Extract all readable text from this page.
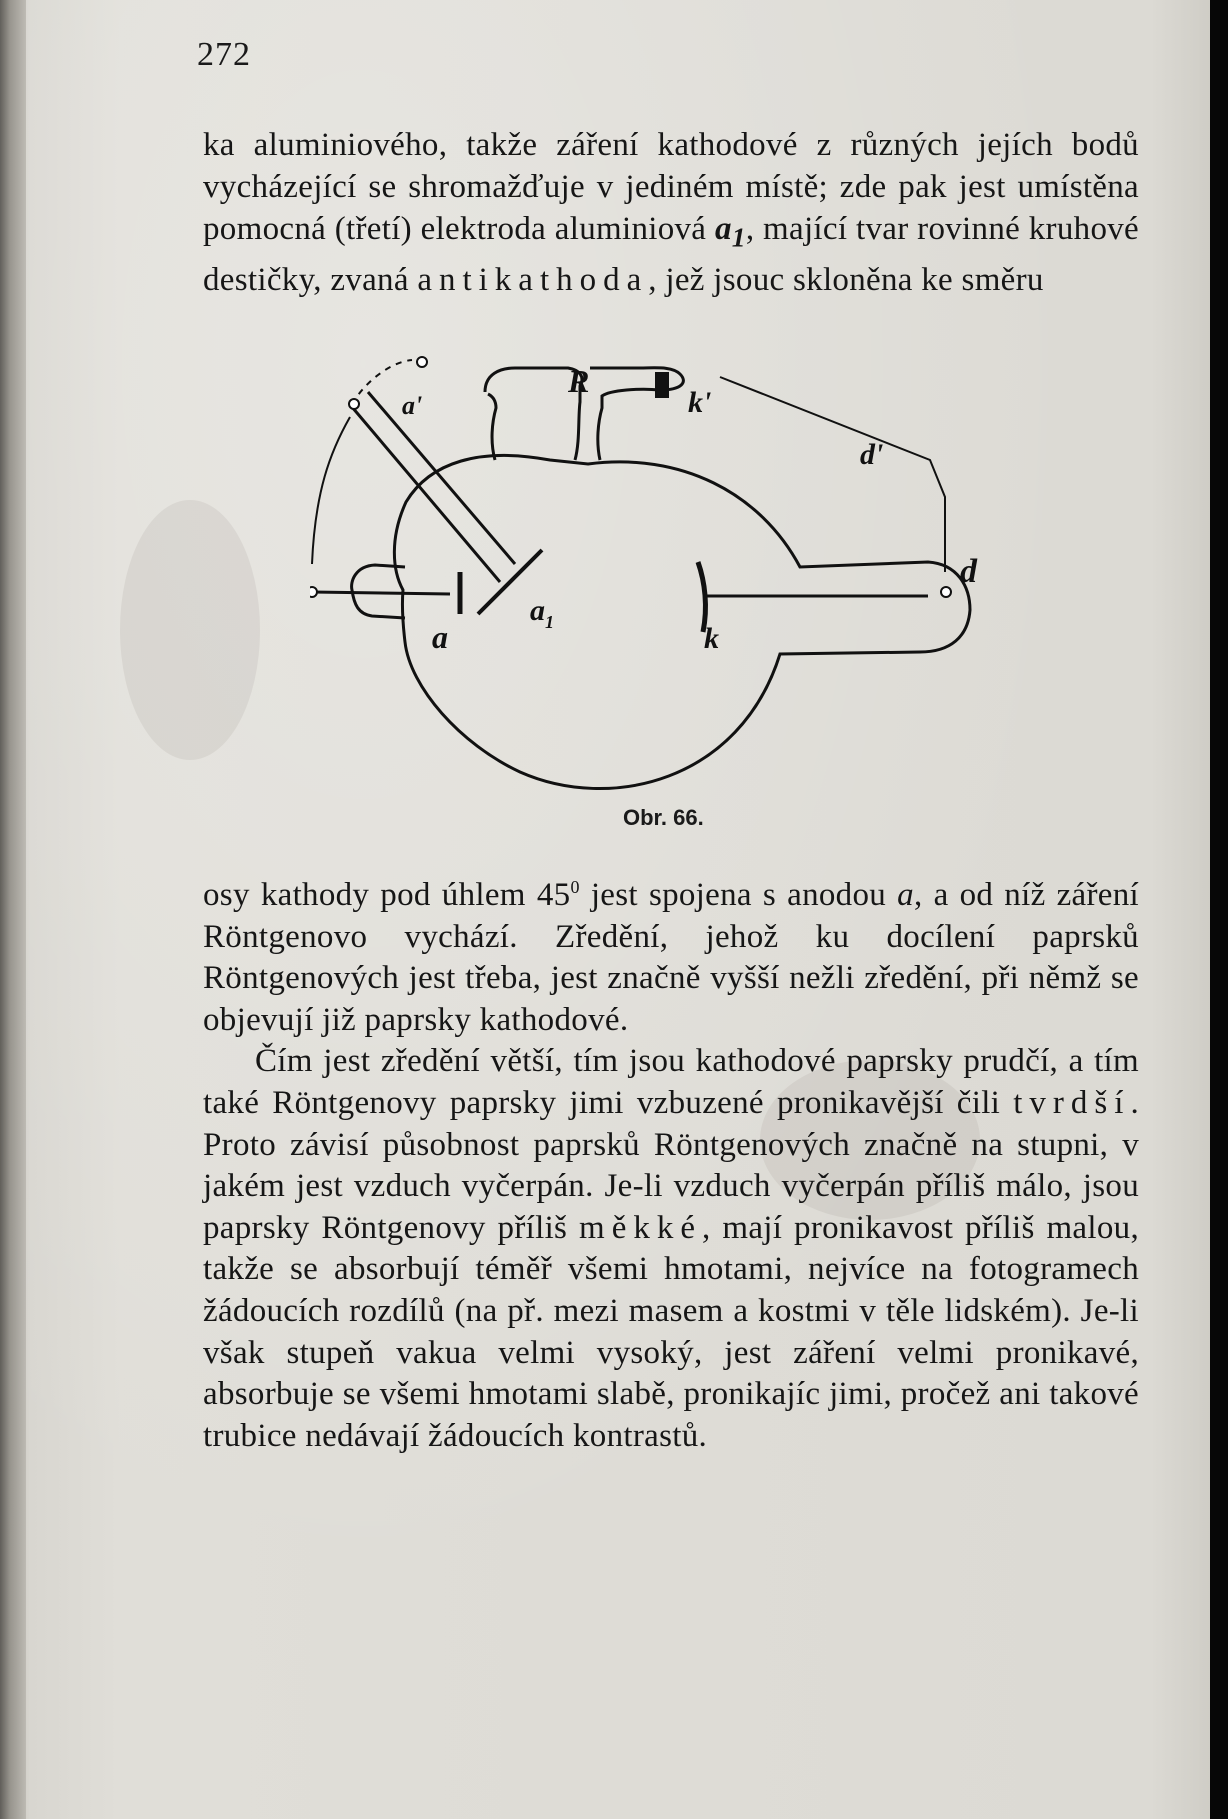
272

ka aluminiového, takže záření kathodové z různých jejích bodů vycházející se shromažďuje v jediném místě; zde pak jest umístěna pomocná (třetí) elektroda aluminiová $a_1$, mající tvar rovinné kruhové destičky, zvaná antikathoda, jež jsouc skloněna ke směru

R
a'	k'
d'
d
a
$a_1$	k
Obr. 66.

osy kathody pod úhlem $45^0$ jest spojena s anodou a, a od níž záření Röntgenovo vychází. Zředění, jehož ku docílení paprsků Röntgenových jest třeba, jest značně vyšší nežli zředění, při němž se objevují již paprsky kathodové.

Čím jest zředění větší, tím jsou kathodové paprsky prudčí, a tím také Röntgenovy paprsky jimi vzbuzené pronikavější čili tvrdší. Proto závisí působnost paprsků Röntgenových značně na stupni, v jakém jest vzduch vyčerpán. Je-li vzduch vyčerpán příliš málo, jsou paprsky Röntgenovy příliš měkké, mají pronikavost příliš malou, takže se absorbují téměř všemi hmotami, nejvíce na fotogramech žádoucích rozdílů (na př. mezi masem a kostmi v těle lidském). Je-li však stupeň vakua velmi vysoký, jest záření velmi pronikavé, absorbuje se všemi hmotami slabě, pronikajíc jimi, pročež ani takové trubice nedávají žádoucích kontrastů.
